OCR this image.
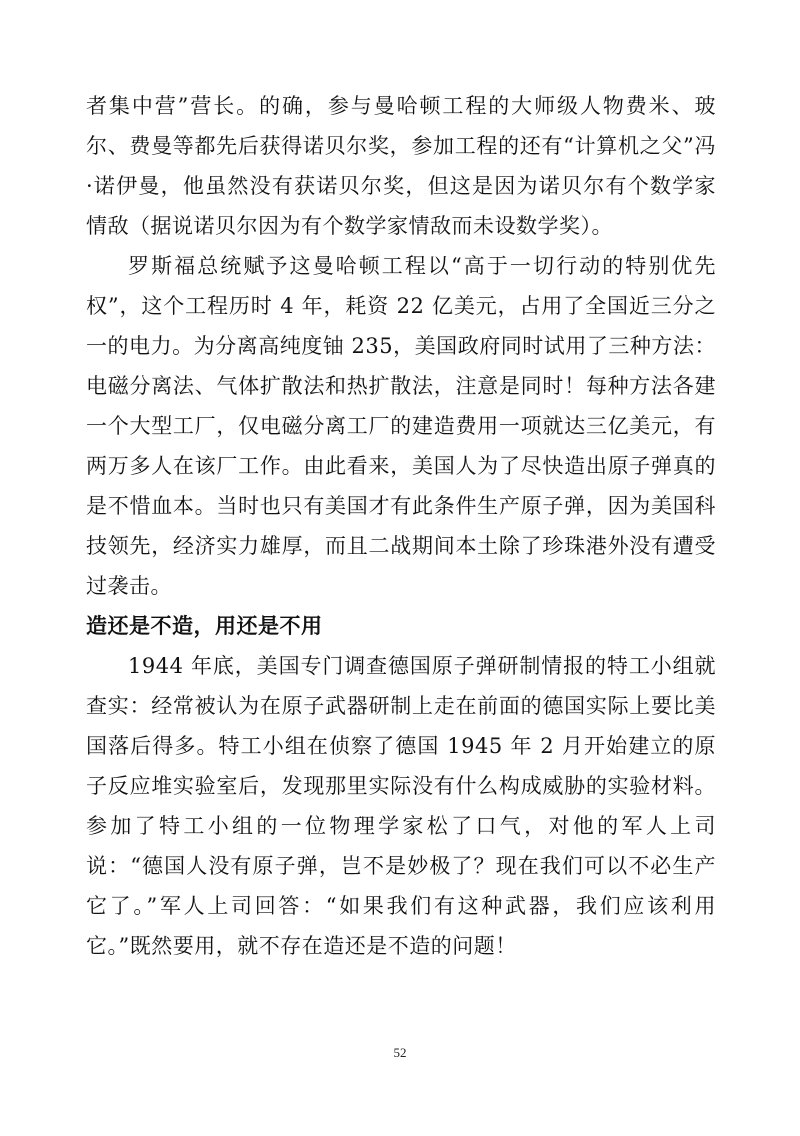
者集中营”营长。的确，参与曼哈顿工程的大师级人物费米、玻尔、费曼等都先后获得诺贝尔奖，参加工程的还有“计算机之父”冯·诺伊曼，他虽然没有获诺贝尔奖，但这是因为诺贝尔有个数学家情敌（据说诺贝尔因为有个数学家情敌而未设数学奖）。

罗斯福总统赋予这曼哈顿工程以“高于一切行动的特别优先权”，这个工程历时 4 年，耗资 22 亿美元，占用了全国近三分之一的电力。为分离高纯度铀 235，美国政府同时试用了三种方法：电磁分离法、气体扩散法和热扩散法，注意是同时！每种方法各建一个大型工厂，仅电磁分离工厂的建造费用一项就达三亿美元，有两万多人在该厂工作。由此看来，美国人为了尽快造出原子弹真的是不惜血本。当时也只有美国才有此条件生产原子弹，因为美国科技领先，经济实力雄厚，而且二战期间本土除了珍珠港外没有遭受过袭击。

造还是不造，用还是不用

1944 年底，美国专门调查德国原子弹研制情报的特工小组就查实：经常被认为在原子武器研制上走在前面的德国实际上要比美国落后得多。特工小组在侦察了德国 1945 年 2 月开始建立的原子反应堆实验室后，发现那里实际没有什么构成威胁的实验材料。参加了特工小组的一位物理学家松了口气，对他的军人上司说：“德国人没有原子弹，岂不是妙极了？现在我们可以不必生产它了。”军人上司回答：“如果我们有这种武器，我们应该利用它。”既然要用，就不存在造还是不造的问题！

52
